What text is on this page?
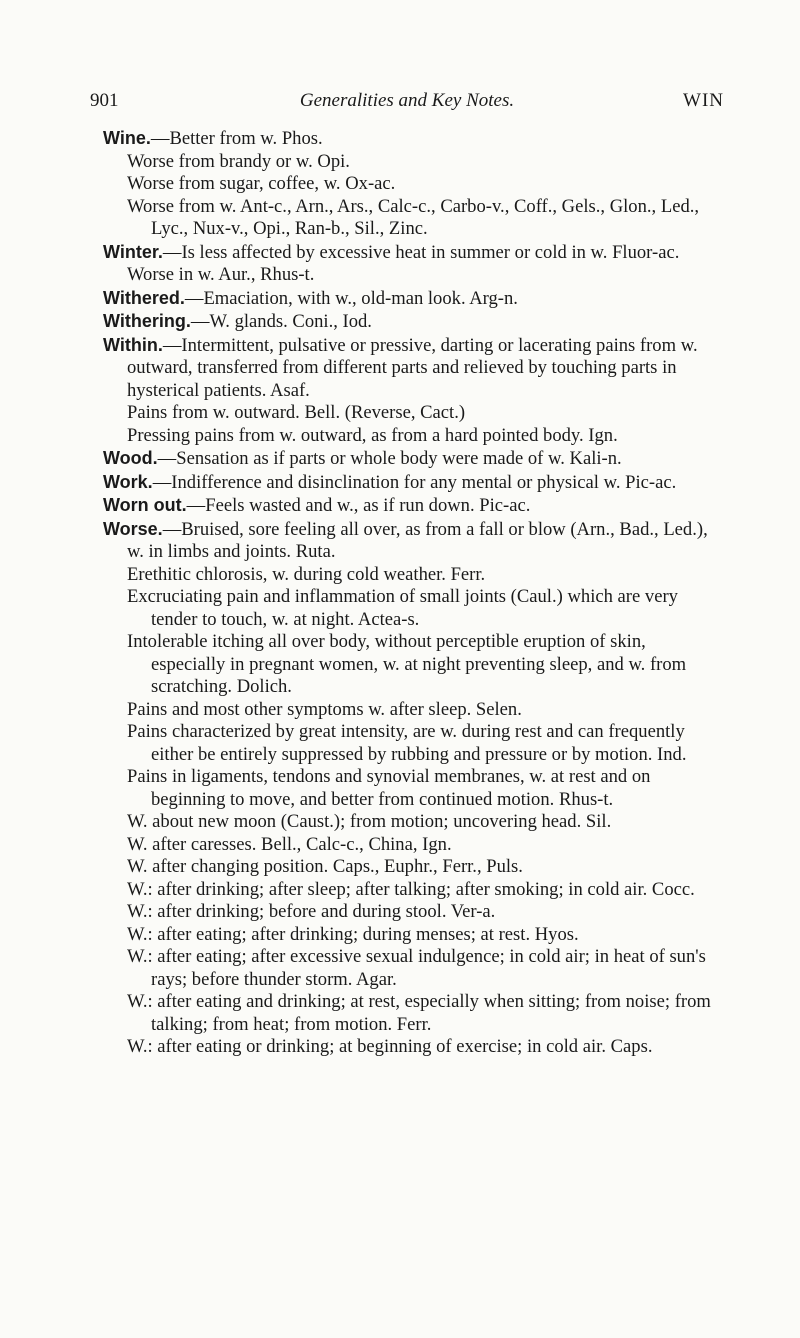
901	Generalities and Key Notes.	WIN

Wine.—Better from w. Phos.

Worse from brandy or w. Opi.

Worse from sugar, coffee, w. Ox-ac.

Worse from w. Ant-c., Arn., Ars., Calc-c., Carbo-v., Coff., Gels., Glon., Led., Lyc., Nux-v., Opi., Ran-b., Sil., Zinc.

Winter.—Is less affected by excessive heat in summer or cold in w. Fluor-ac.

Worse in w. Aur., Rhus-t.

Withered.—Emaciation, with w., old-man look. Arg-n.

Withering.—W. glands. Coni., Iod.

Within.—Intermittent, pulsative or pressive, darting or lacerating pains from w. outward, transferred from different parts and relieved by touching parts in hysterical patients. Asaf.

Pains from w. outward. Bell. (Reverse, Cact.)

Pressing pains from w. outward, as from a hard pointed body. Ign.

Wood.—Sensation as if parts or whole body were made of w. Kali-n.

Work.—Indifference and disinclination for any mental or physical w. Pic-ac.

Worn out.—Feels wasted and w., as if run down. Pic-ac.

Worse.—Bruised, sore feeling all over, as from a fall or blow (Arn., Bad., Led.), w. in limbs and joints. Ruta.

Erethitic chlorosis, w. during cold weather. Ferr.

Excruciating pain and inflammation of small joints (Caul.) which are very tender to touch, w. at night. Actea-s.

Intolerable itching all over body, without perceptible eruption of skin, especially in pregnant women, w. at night preventing sleep, and w. from scratching. Dolich.

Pains and most other symptoms w. after sleep. Selen.

Pains characterized by great intensity, are w. during rest and can frequently either be entirely suppressed by rubbing and pressure or by motion. Ind.

Pains in ligaments, tendons and synovial membranes, w. at rest and on beginning to move, and better from continued motion. Rhus-t.

W. about new moon (Caust.); from motion; uncovering head. Sil.

W. after caresses. Bell., Calc-c., China, Ign.

W. after changing position. Caps., Euphr., Ferr., Puls.

W.: after drinking; after sleep; after talking; after smoking; in cold air. Cocc.

W.: after drinking; before and during stool. Ver-a.

W.: after eating; after drinking; during menses; at rest. Hyos.

W.: after eating; after excessive sexual indulgence; in cold air; in heat of sun's rays; before thunder storm. Agar.

W.: after eating and drinking; at rest, especially when sitting; from noise; from talking; from heat; from motion. Ferr.

W.: after eating or drinking; at beginning of exercise; in cold air. Caps.
